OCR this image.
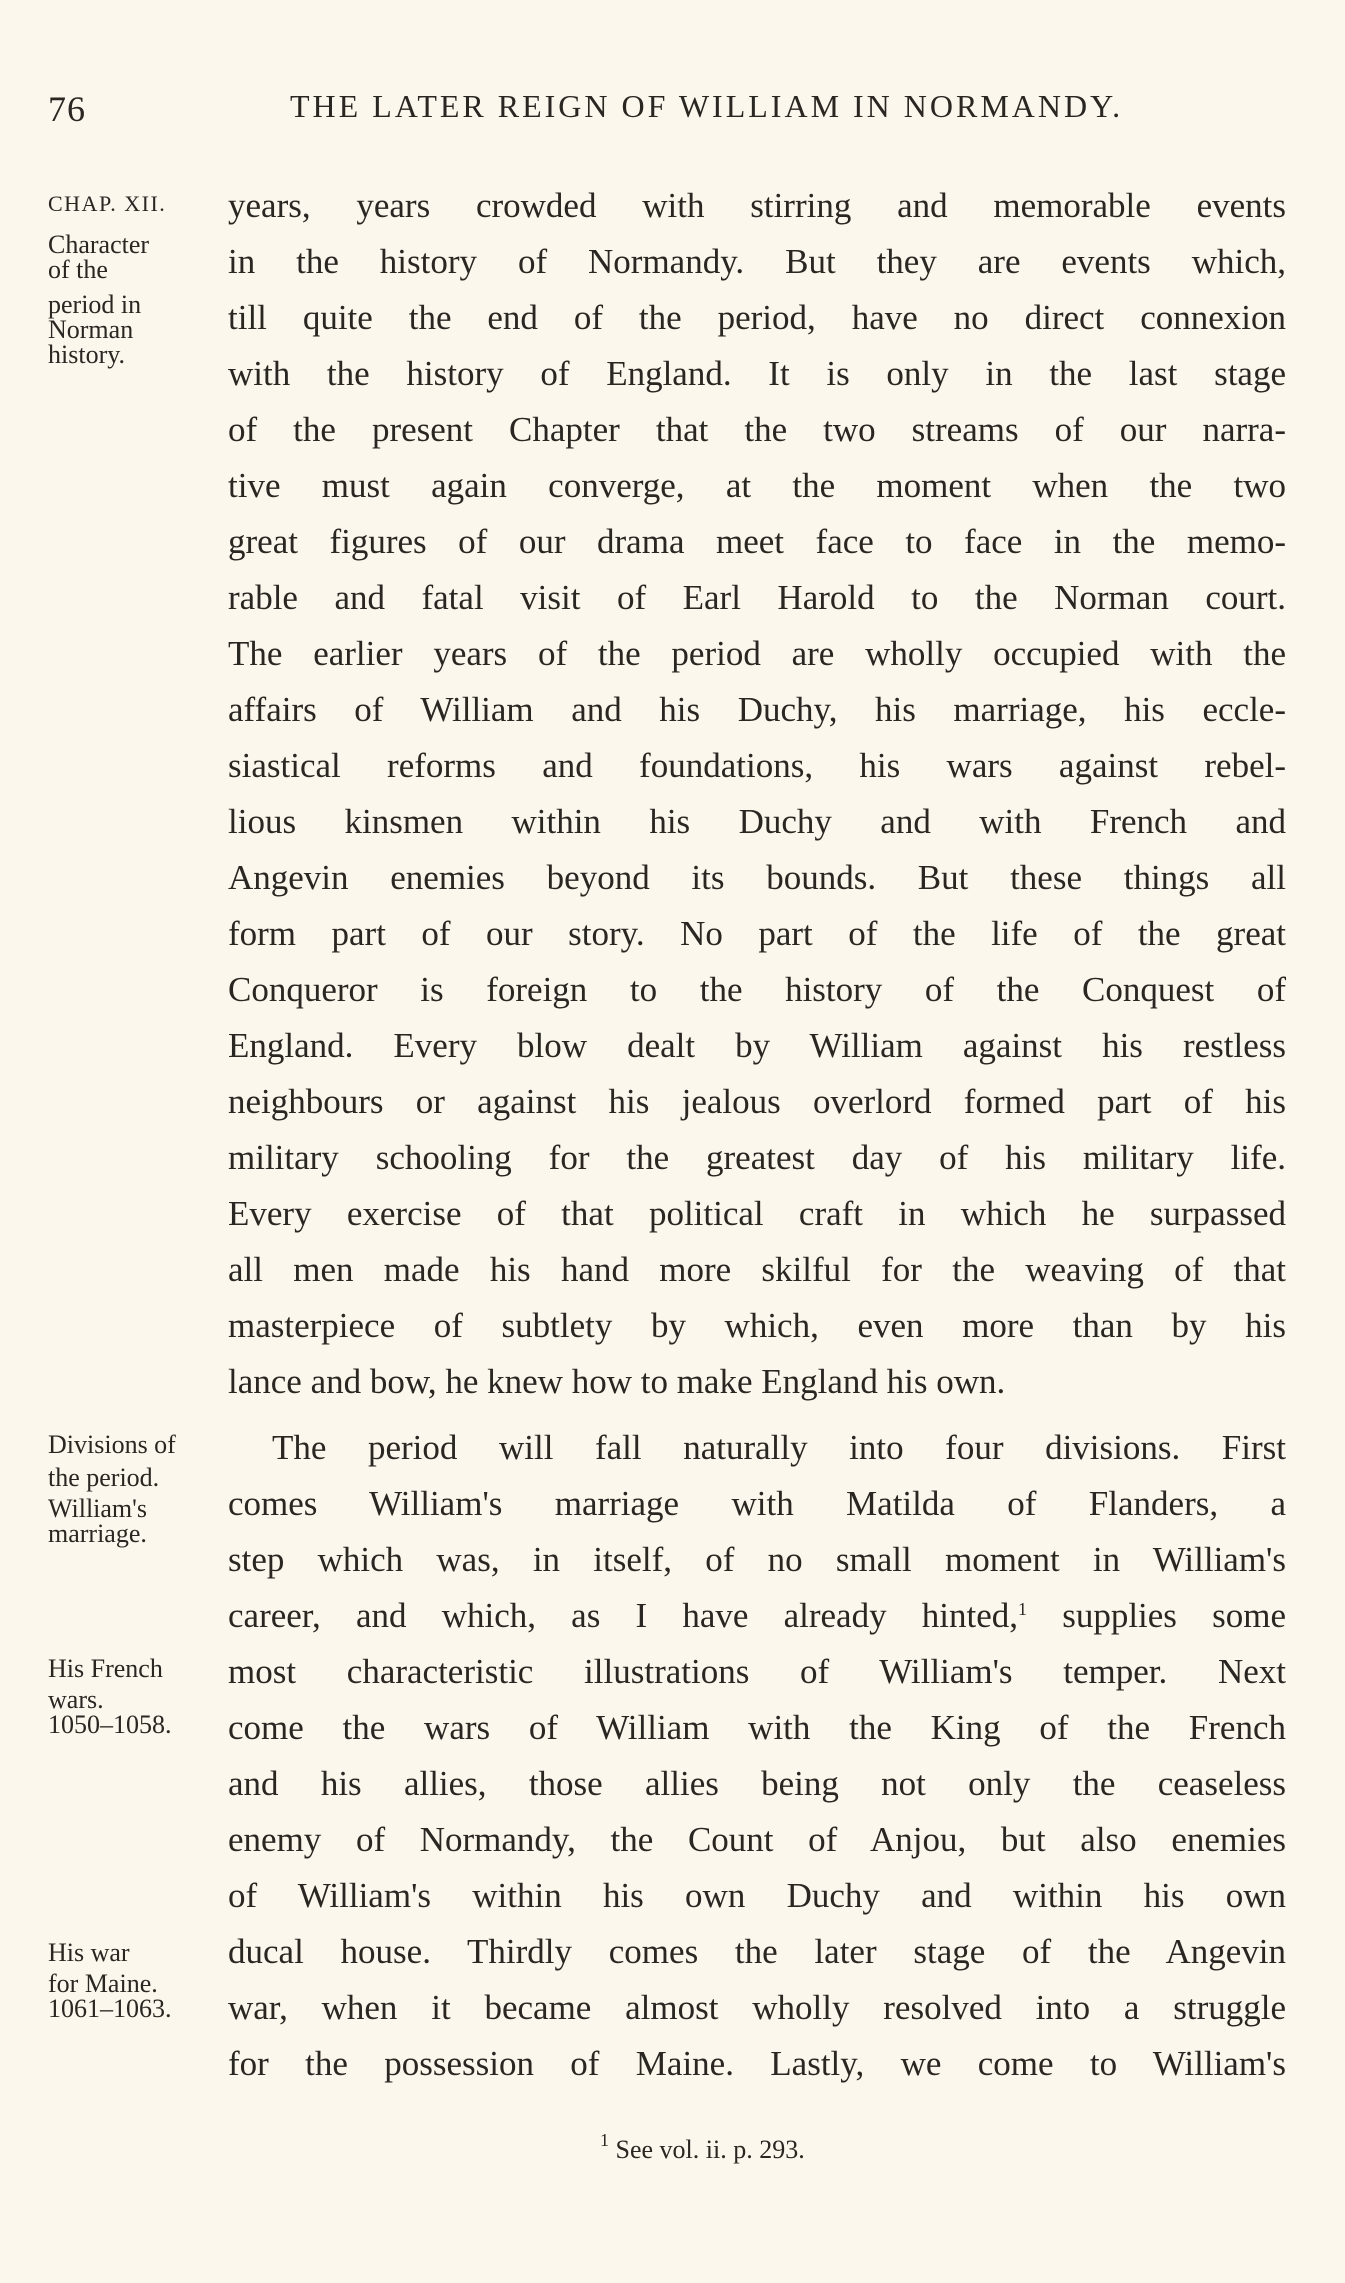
76	THE LATER REIGN OF WILLIAM IN NORMANDY.
CHAP. XII.
Character
of the
period in
Norman
history.
Divisions of
the period.
William's
marriage.
His French
wars.
1050–1058.
His war
for Maine.
1061–1063.
years, years crowded with stirring and memorable events
in the history of Normandy. But they are events which,
till quite the end of the period, have no direct connexion
with the history of England. It is only in the last stage
of the present Chapter that the two streams of our narra-
tive must again converge, at the moment when the two
great figures of our drama meet face to face in the memo-
rable and fatal visit of Earl Harold to the Norman court.
The earlier years of the period are wholly occupied with the
affairs of William and his Duchy, his marriage, his eccle-
siastical reforms and foundations, his wars against rebel-
lious kinsmen within his Duchy and with French and
Angevin enemies beyond its bounds. But these things all
form part of our story. No part of the life of the great
Conqueror is foreign to the history of the Conquest of
England. Every blow dealt by William against his restless
neighbours or against his jealous overlord formed part of his
military schooling for the greatest day of his military life.
Every exercise of that political craft in which he surpassed
all men made his hand more skilful for the weaving of that
masterpiece of subtlety by which, even more than by his
lance and bow, he knew how to make England his own.
The period will fall naturally into four divisions. First
comes William's marriage with Matilda of Flanders, a
step which was, in itself, of no small moment in William's
career, and which, as I have already hinted,$^1$ supplies some
most characteristic illustrations of William's temper. Next
come the wars of William with the King of the French
and his allies, those allies being not only the ceaseless
enemy of Normandy, the Count of Anjou, but also enemies
of William's within his own Duchy and within his own
ducal house. Thirdly comes the later stage of the Angevin
war, when it became almost wholly resolved into a struggle
for the possession of Maine. Lastly, we come to William's
$^1$ See vol. ii. p. 293.
